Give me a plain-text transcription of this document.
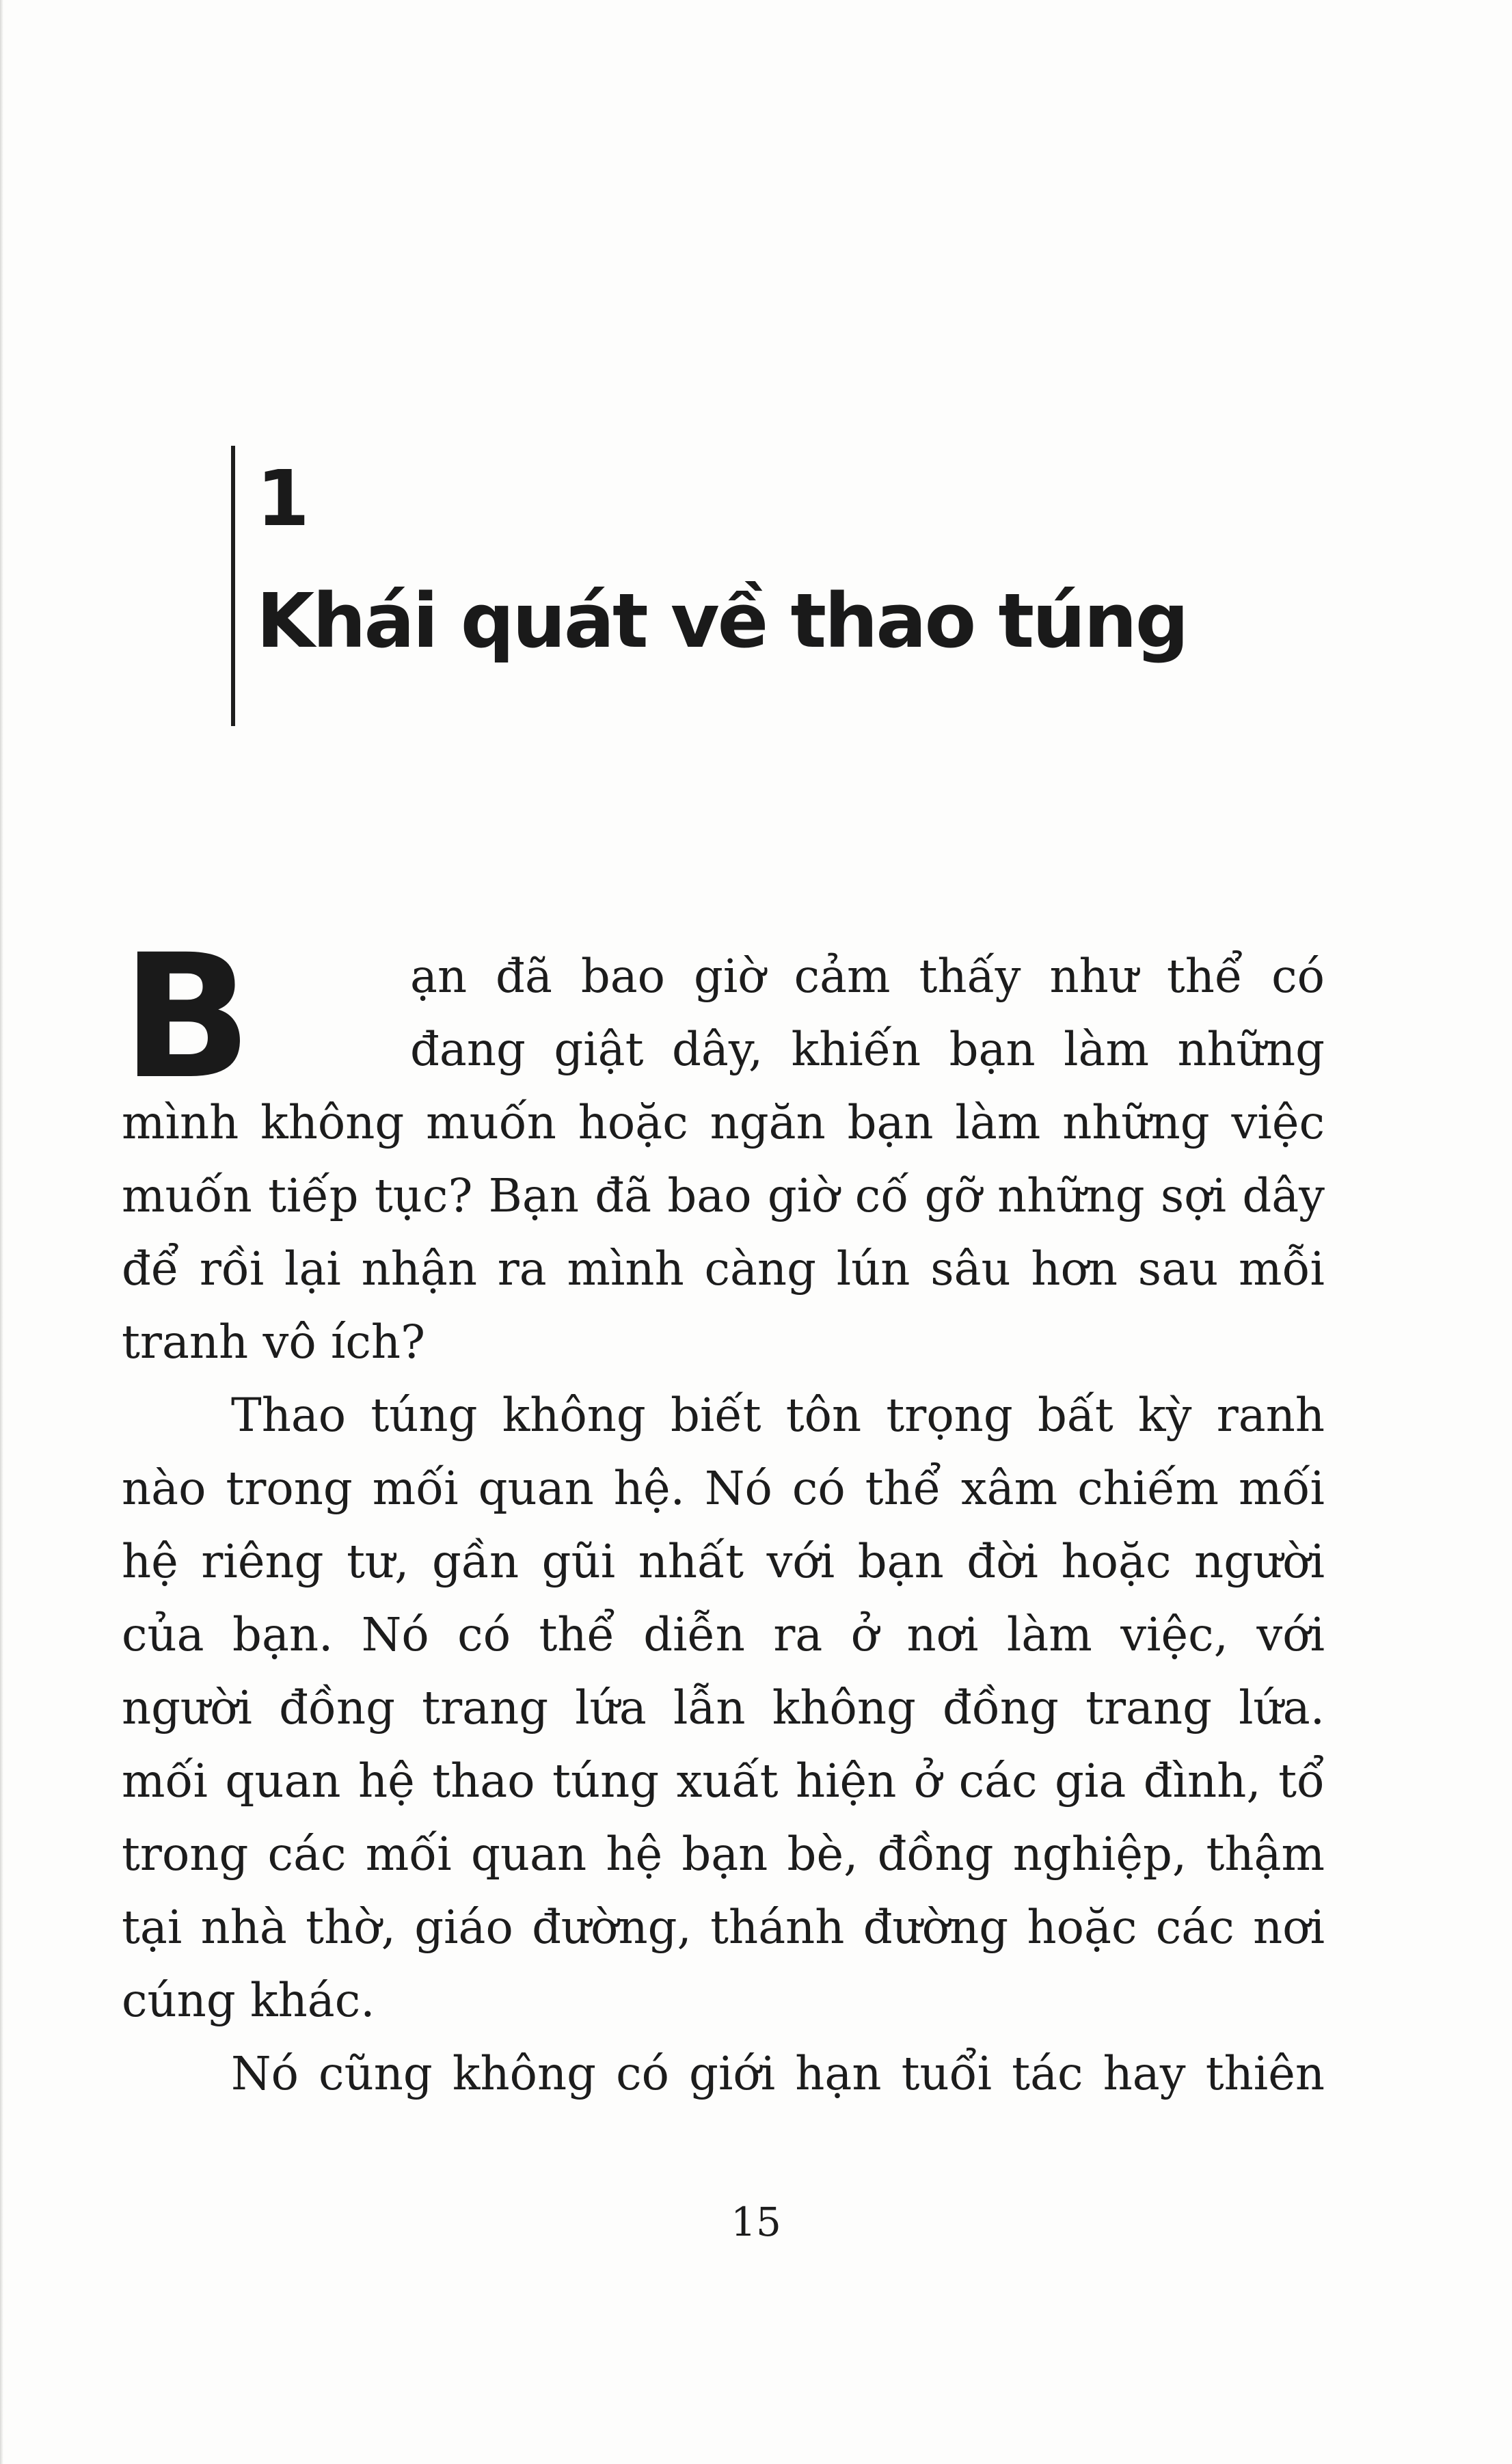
1
Khái quát về thao túng
B	ạn đã bao giờ cảm thấy như thể có
đang giật dây, khiến bạn làm những
mình không muốn hoặc ngăn bạn làm những việc
muốn tiếp tục? Bạn đã bao giờ cố gỡ những sợi dây
để rồi lại nhận ra mình càng lún sâu hơn sau mỗi
tranh vô ích?
Thao túng không biết tôn trọng bất kỳ ranh
nào trong mối quan hệ. Nó có thể xâm chiếm mối
hệ riêng tư, gần gũi nhất với bạn đời hoặc người
của bạn. Nó có thể diễn ra ở nơi làm việc, với
người đồng trang lứa lẫn không đồng trang lứa.
mối quan hệ thao túng xuất hiện ở các gia đình, tổ
trong các mối quan hệ bạn bè, đồng nghiệp, thậm
tại nhà thờ, giáo đường, thánh đường hoặc các nơi
cúng khác.
Nó cũng không có giới hạn tuổi tác hay thiên
15
